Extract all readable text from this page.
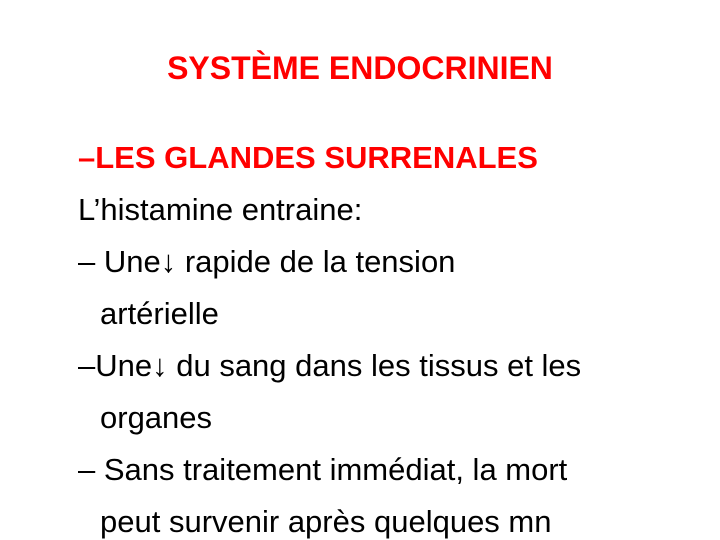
SYSTÈME ENDOCRINIEN
–LES GLANDES SURRENALES
L’histamine entraine:
– Une↓ rapide de la tension
artérielle
–Une↓ du sang dans les tissus et les
organes
– Sans traitement immédiat, la mort
peut survenir après quelques mn
